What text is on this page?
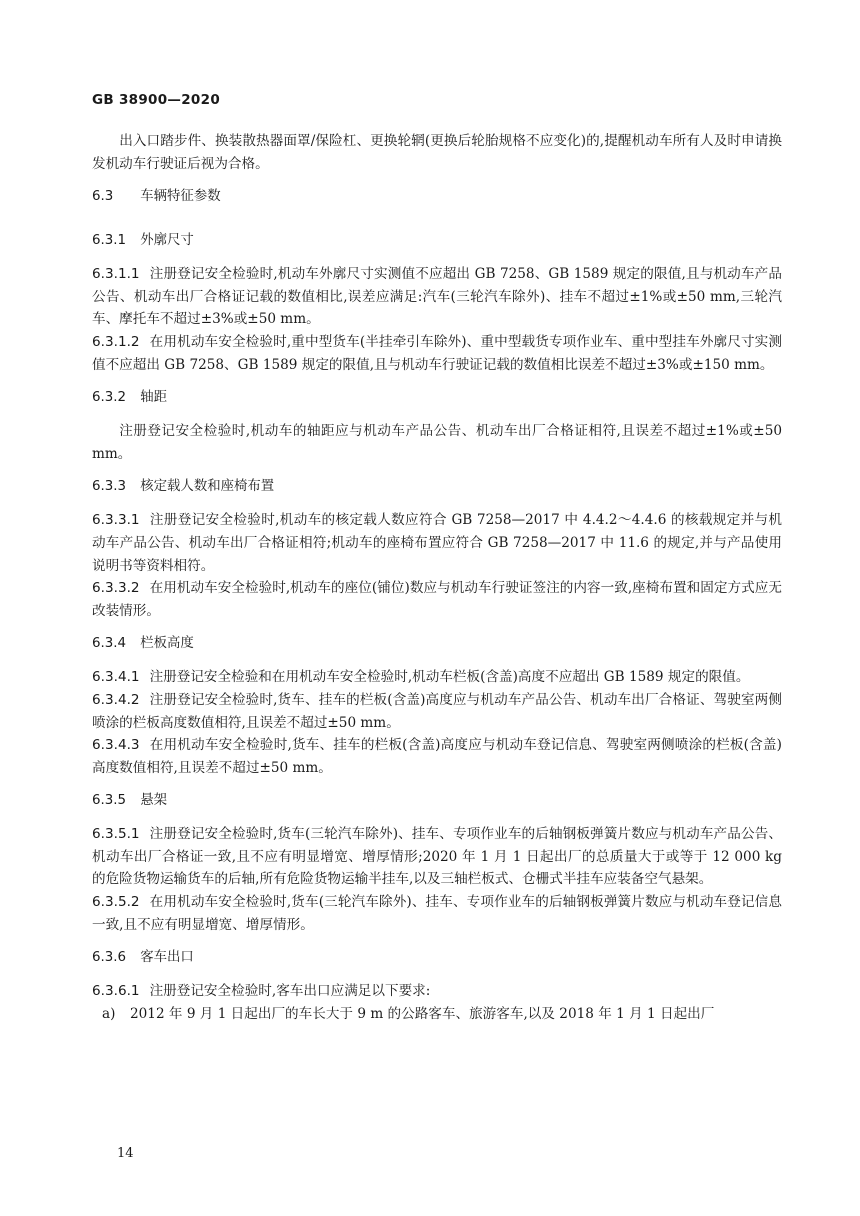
GB 38900—2020

出入口踏步件、换装散热器面罩/保险杠、更换轮辋(更换后轮胎规格不应变化)的,提醒机动车所有人及时申请换发机动车行驶证后视为合格。

6.3 车辆特征参数
6.3.1 外廓尺寸

6.3.1.1 注册登记安全检验时,机动车外廓尺寸实测值不应超出 GB 7258、GB 1589 规定的限值,且与机动车产品公告、机动车出厂合格证记载的数值相比,误差应满足:汽车(三轮汽车除外)、挂车不超过±1%或±50 mm,三轮汽车、摩托车不超过±3%或±50 mm。

6.3.1.2 在用机动车安全检验时,重中型货车(半挂牵引车除外)、重中型载货专项作业车、重中型挂车外廓尺寸实测值不应超出 GB 7258、GB 1589 规定的限值,且与机动车行驶证记载的数值相比误差不超过±3%或±150 mm。

6.3.2 轴距

注册登记安全检验时,机动车的轴距应与机动车产品公告、机动车出厂合格证相符,且误差不超过±1%或±50 mm。

6.3.3 核定载人数和座椅布置

6.3.3.1 注册登记安全检验时,机动车的核定载人数应符合 GB 7258—2017 中 4.4.2～4.4.6 的核载规定并与机动车产品公告、机动车出厂合格证相符;机动车的座椅布置应符合 GB 7258—2017 中 11.6 的规定,并与产品使用说明书等资料相符。

6.3.3.2 在用机动车安全检验时,机动车的座位(铺位)数应与机动车行驶证签注的内容一致,座椅布置和固定方式应无改装情形。

6.3.4 栏板高度

6.3.4.1 注册登记安全检验和在用机动车安全检验时,机动车栏板(含盖)高度不应超出 GB 1589 规定的限值。

6.3.4.2 注册登记安全检验时,货车、挂车的栏板(含盖)高度应与机动车产品公告、机动车出厂合格证、驾驶室两侧喷涂的栏板高度数值相符,且误差不超过±50 mm。

6.3.4.3 在用机动车安全检验时,货车、挂车的栏板(含盖)高度应与机动车登记信息、驾驶室两侧喷涂的栏板(含盖)高度数值相符,且误差不超过±50 mm。

6.3.5 悬架

6.3.5.1 注册登记安全检验时,货车(三轮汽车除外)、挂车、专项作业车的后轴钢板弹簧片数应与机动车产品公告、机动车出厂合格证一致,且不应有明显增宽、增厚情形;2020 年 1 月 1 日起出厂的总质量大于或等于 12 000 kg 的危险货物运输货车的后轴,所有危险货物运输半挂车,以及三轴栏板式、仓栅式半挂车应装备空气悬架。

6.3.5.2 在用机动车安全检验时,货车(三轮汽车除外)、挂车、专项作业车的后轴钢板弹簧片数应与机动车登记信息一致,且不应有明显增宽、增厚情形。

6.3.6 客车出口

6.3.6.1 注册登记安全检验时,客车出口应满足以下要求:

a) 2012 年 9 月 1 日起出厂的车长大于 9 m 的公路客车、旅游客车,以及 2018 年 1 月 1 日起出厂

14
